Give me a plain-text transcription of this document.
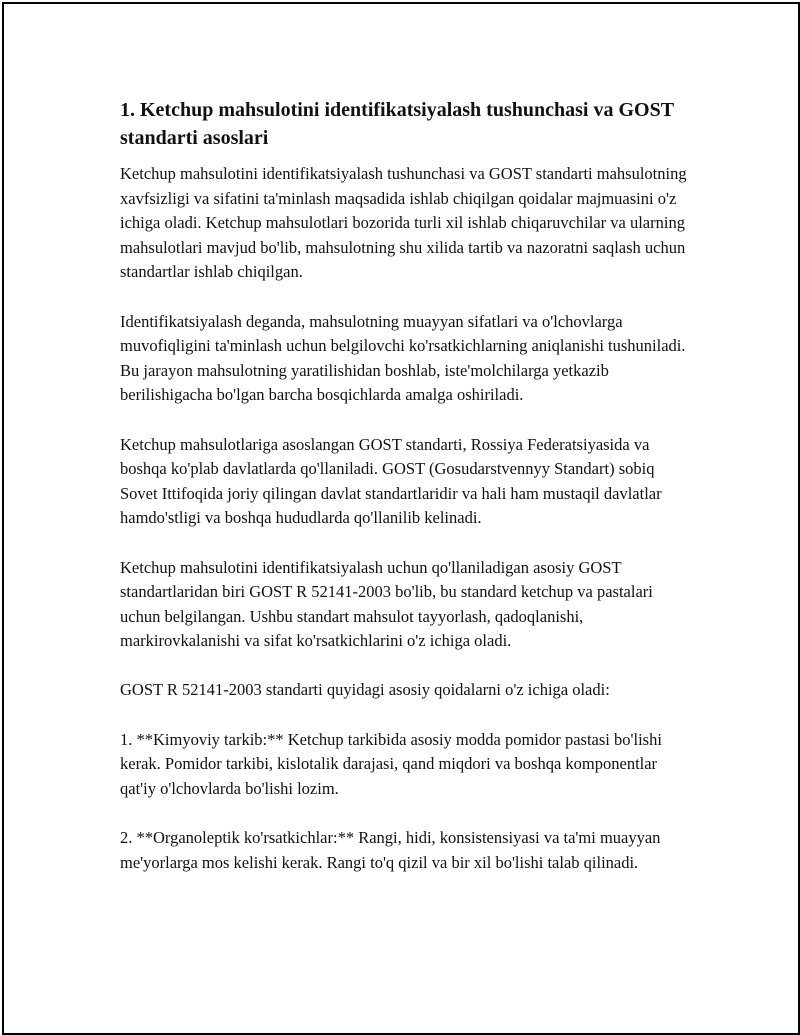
1. Ketchup mahsulotini identifikatsiyalash tushunchasi va GOST standarti asoslari

Ketchup mahsulotini identifikatsiyalash tushunchasi va GOST standarti mahsulotning xavfsizligi va sifatini ta'minlash maqsadida ishlab chiqilgan qoidalar majmuasini o'z ichiga oladi. Ketchup mahsulotlari bozorida turli xil ishlab chiqaruvchilar va ularning mahsulotlari mavjud bo'lib, mahsulotning shu xilida tartib va nazoratni saqlash uchun standartlar ishlab chiqilgan.

Identifikatsiyalash deganda, mahsulotning muayyan sifatlari va o'lchovlarga muvofiqligini ta'minlash uchun belgilovchi ko'rsatkichlarning aniqlanishi tushuniladi. Bu jarayon mahsulotning yaratilishidan boshlab, iste'molchilarga yetkazib berilishigacha bo'lgan barcha bosqichlarda amalga oshiriladi.

Ketchup mahsulotlariga asoslangan GOST standarti, Rossiya Federatsiyasida va boshqa ko'plab davlatlarda qo'llaniladi. GOST (Gosudarstvennyy Standart) sobiq Sovet Ittifoqida joriy qilingan davlat standartlaridir va hali ham mustaqil davlatlar hamdo'stligi va boshqa hududlarda qo'llanilib kelinadi.

Ketchup mahsulotini identifikatsiyalash uchun qo'llaniladigan asosiy GOST standartlaridan biri GOST R 52141-2003 bo'lib, bu standard ketchup va pastalari uchun belgilangan. Ushbu standart mahsulot tayyorlash, qadoqlanishi, markirovkalanishi va sifat ko'rsatkichlarini o'z ichiga oladi.

GOST R 52141-2003 standarti quyidagi asosiy qoidalarni o'z ichiga oladi:

1. **Kimyoviy tarkib:** Ketchup tarkibida asosiy modda pomidor pastasi bo'lishi kerak. Pomidor tarkibi, kislotalik darajasi, qand miqdori va boshqa komponentlar qat'iy o'lchovlarda bo'lishi lozim.

2. **Organoleptik ko'rsatkichlar:** Rangi, hidi, konsistensiyasi va ta'mi muayyan me'yorlarga mos kelishi kerak. Rangi to'q qizil va bir xil bo'lishi talab qilinadi.
